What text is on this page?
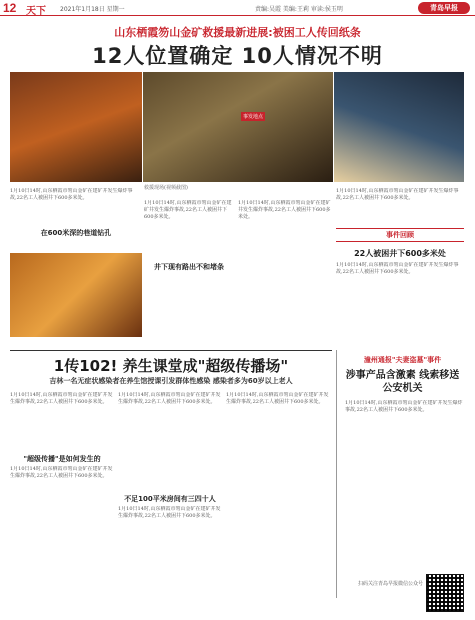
12 天下 2021年1月18日 星期一	责编:吴霞 美编:王莉 审读:侯玉明	青岛早报
山东栖霞笏山金矿救援最新进展:被困工人传回纸条
12人位置确定 10人情况不明
事发地点
救援现场(视频截图)
1月10日14时,山东栖霞市笏山金矿在建矿井发生爆炸事故,22名工人被困井下600多米处。
在600米深的巷道钻孔
1月10日14时,山东栖霞市笏山金矿在建矿井发生爆炸事故,22名工人被困井下600多米处。
井下现有路出不和堵条
1月10日14时,山东栖霞市笏山金矿在建矿井发生爆炸事故,22名工人被困井下600多米处。
1月10日14时,山东栖霞市笏山金矿在建矿井发生爆炸事故,22名工人被困井下600多米处。
事件回顾
22人被困井下600多米处
1月10日14时,山东栖霞市笏山金矿在建矿井发生爆炸事故,22名工人被困井下600多米处。
1传102! 养生课堂成"超级传播场"
吉林一名无症状感染者在养生馆授课引发群体性感染 感染者多为60岁以上老人
1月10日14时,山东栖霞市笏山金矿在建矿井发生爆炸事故,22名工人被困井下600多米处。
"超级传播"是如何发生的
1月10日14时,山东栖霞市笏山金矿在建矿井发生爆炸事故,22名工人被困井下600多米处。
1月10日14时,山东栖霞市笏山金矿在建矿井发生爆炸事故,22名工人被困井下600多米处。
不足100平米房间有三四十人
1月10日14时,山东栖霞市笏山金矿在建矿井发生爆炸事故,22名工人被困井下600多米处。
1月10日14时,山东栖霞市笏山金矿在建矿井发生爆炸事故,22名工人被困井下600多米处。
潼州通报"夫妻盗墓"事件
涉事产品含激素 线索移送公安机关
1月10日14时,山东栖霞市笏山金矿在建矿井发生爆炸事故,22名工人被困井下600多米处。
扫码关注青岛早报微信公众号
